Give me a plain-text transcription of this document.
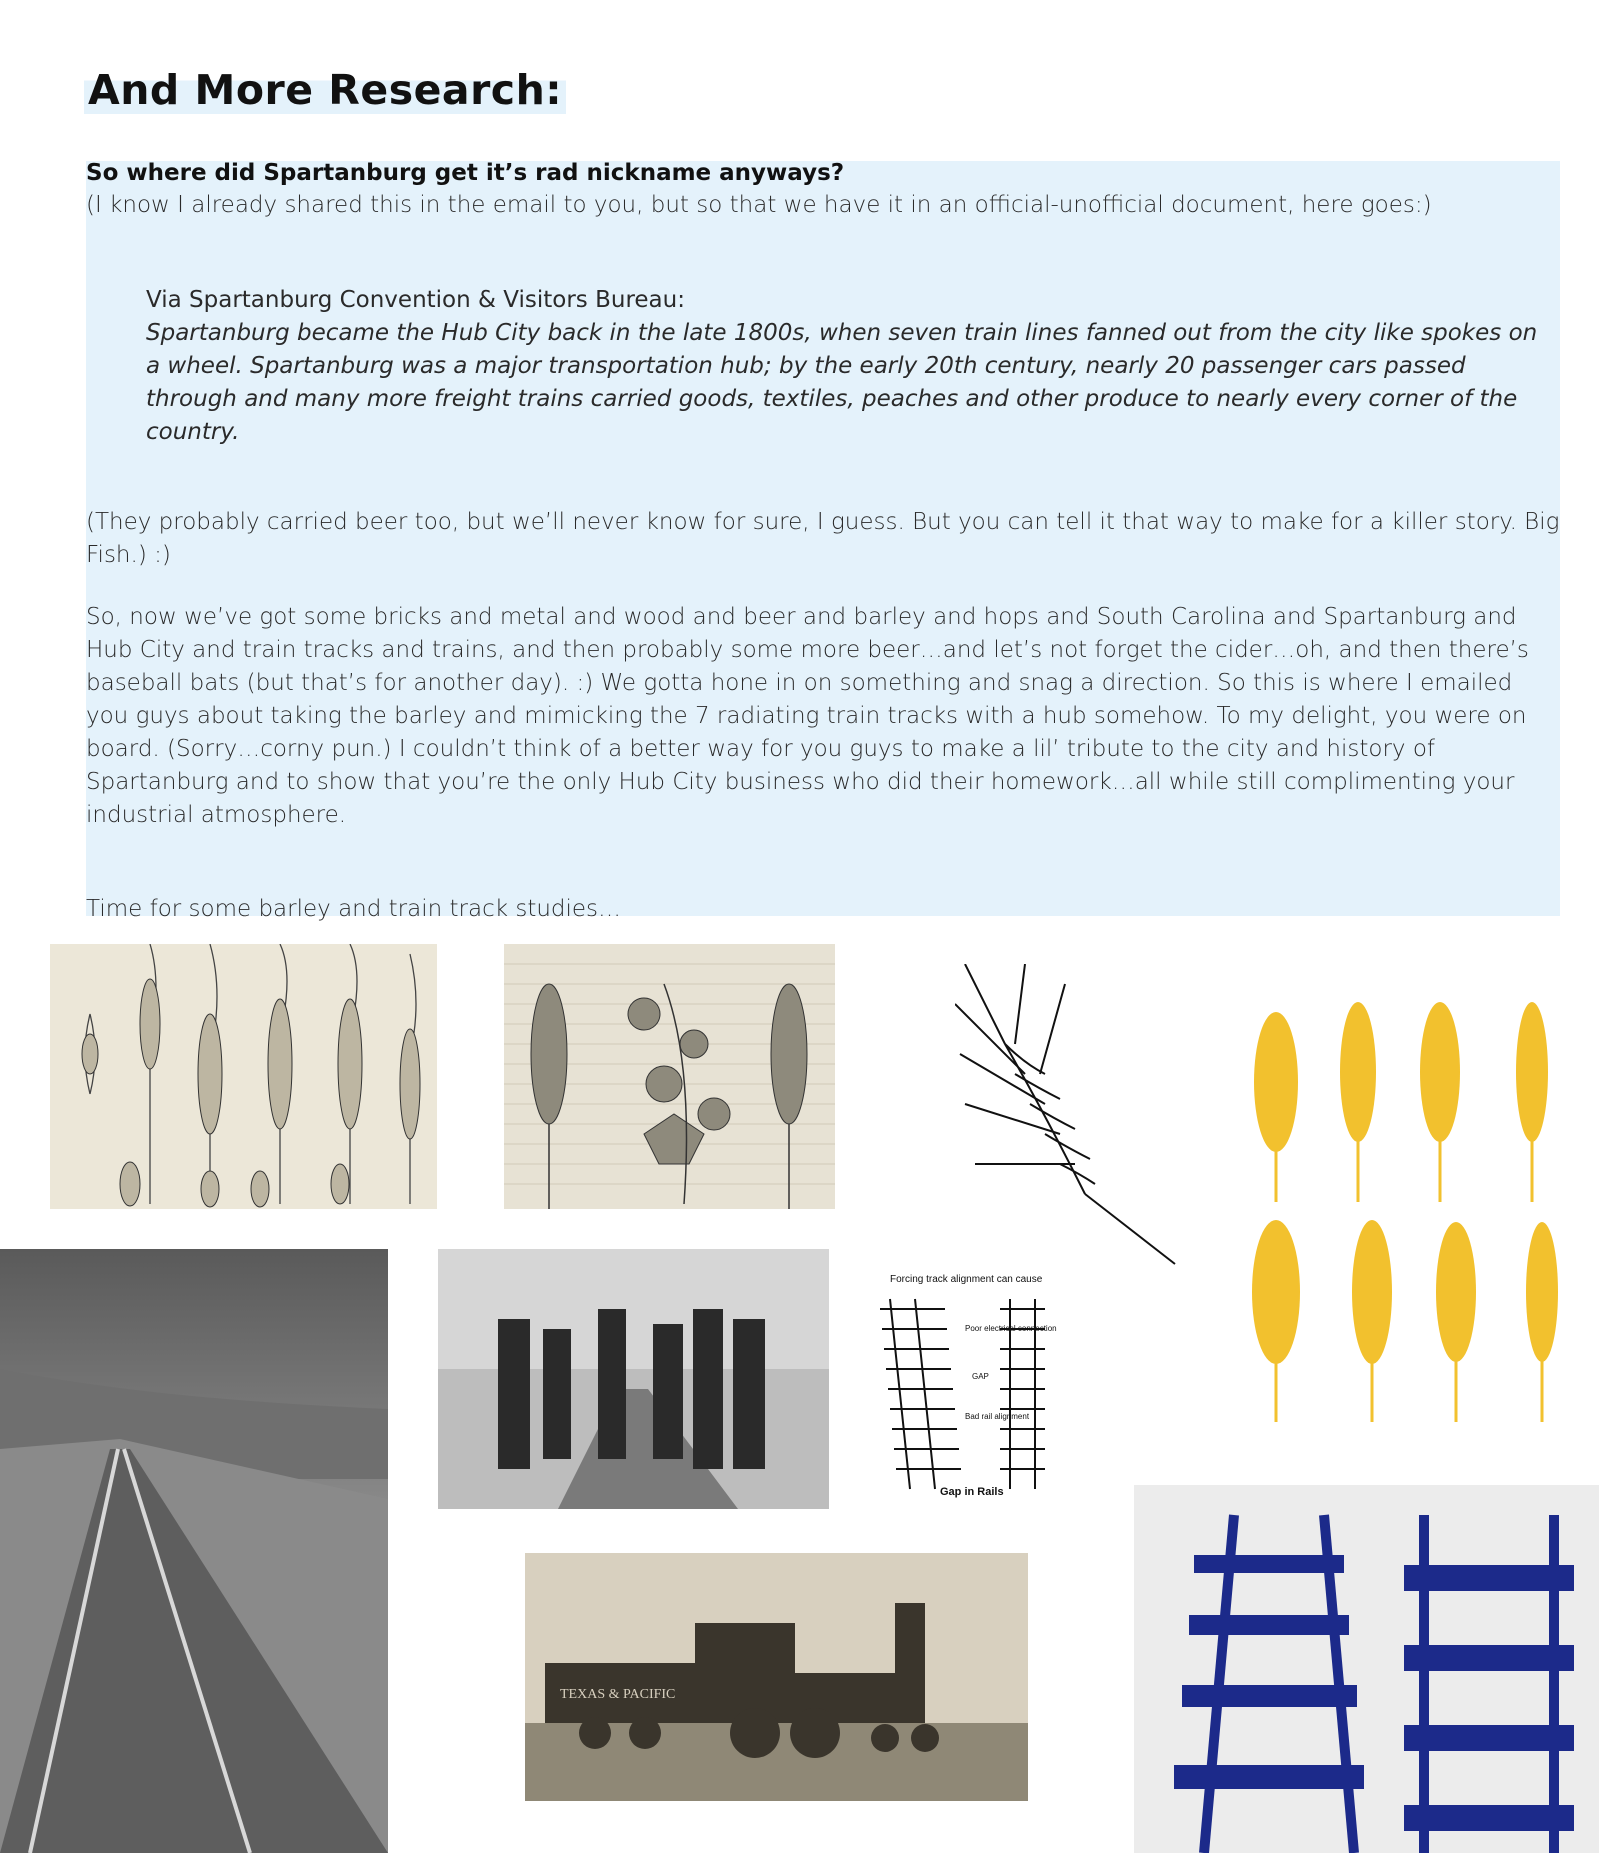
And More Research:
So where did Spartanburg get it’s rad nickname anyways?

(I know I already shared this in the email to you, but so that we have it in an official-unofficial document, here goes:)

Via Spartanburg Convention & Visitors Bureau:
Spartanburg became the Hub City back in the late 1800s, when seven train lines fanned out from the city like spokes on a wheel. Spartanburg was a major transportation hub; by the early 20th century, nearly 20 passenger cars passed through and many more freight trains carried goods, textiles, peaches and other produce to nearly every corner of the country.

(They probably carried beer too, but we’ll never know for sure, I guess. But you can tell it that way to make for a killer story. Big Fish.) :)

So, now we’ve got some bricks and metal and wood and beer and barley and hops and South Carolina and Spartanburg and Hub City and train tracks and trains, and then probably some more beer…and let’s not forget the cider…oh, and then there’s baseball bats (but that’s for another day). :) We gotta hone in on something and snag a direction. So this is where I emailed you guys about taking the barley and mimicking the 7 radiating train tracks with a hub somehow. To my delight, you were on board. (Sorry…corny pun.) I couldn’t think of a better way for you guys to make a lil’ tribute to the city and history of Spartanburg and to show that you’re the only Hub City business who did their homework…all while still complimenting your industrial atmosphere.

Time for some barley and train track studies…

Forcing track alignment can cause
Poor electrical connection
GAP
Bad rail alignment
Gap in Rails
TEXAS & PACIFIC
